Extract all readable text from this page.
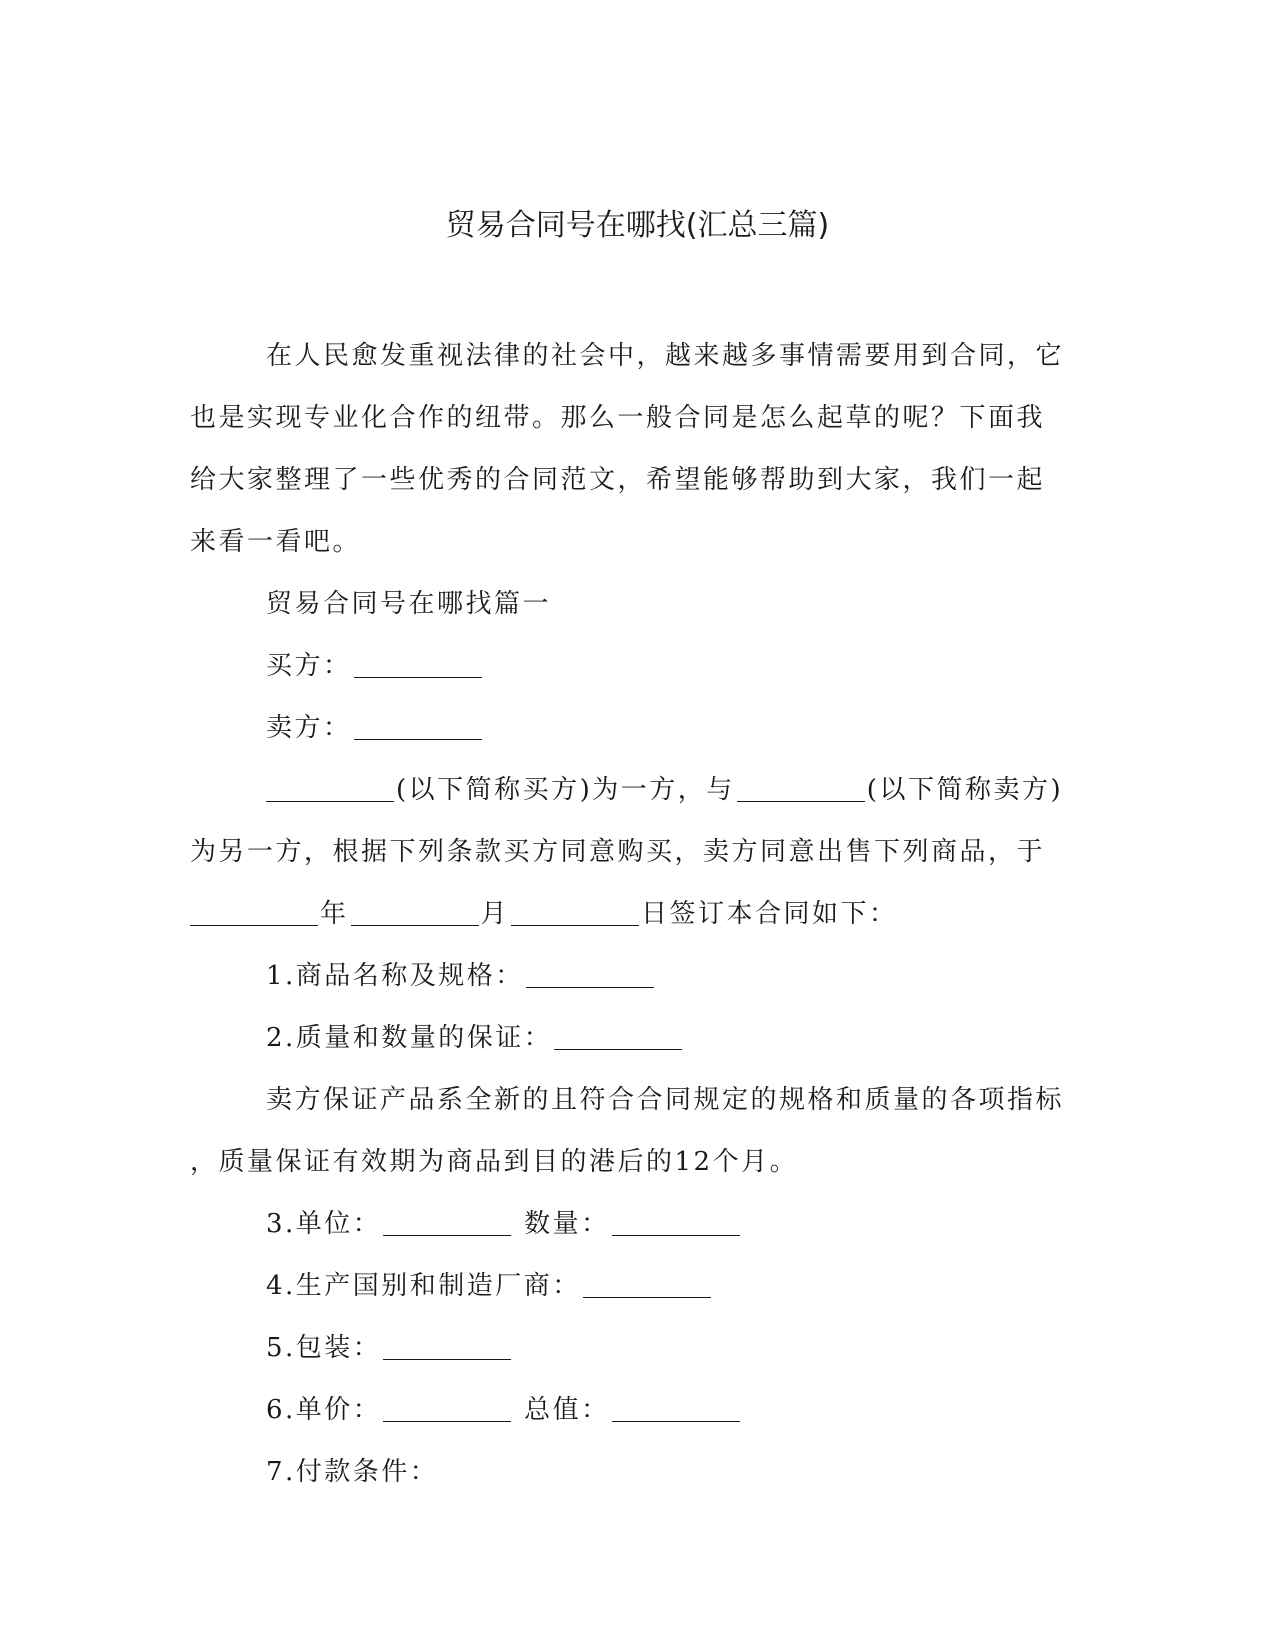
贸易合同号在哪找(汇总三篇)

在人民愈发重视法律的社会中，越来越多事情需要用到合同，它

也是实现专业化合作的纽带。那么一般合同是怎么起草的呢？下面我

给大家整理了一些优秀的合同范文，希望能够帮助到大家，我们一起

来看一看吧。

贸易合同号在哪找篇一

买方：

卖方：

(以下简称买方)为一方，与	(以下简称卖方)

为另一方，根据下列条款买方同意购买，卖方同意出售下列商品，于

年	月	日签订本合同如下：

1.商品名称及规格：

2.质量和数量的保证：

卖方保证产品系全新的且符合合同规定的规格和质量的各项指标

，质量保证有效期为商品到目的港后的12个月。

3.单位：	数量：

4.生产国别和制造厂商：

5.包装：

6.单价：	总值：

7.付款条件：
